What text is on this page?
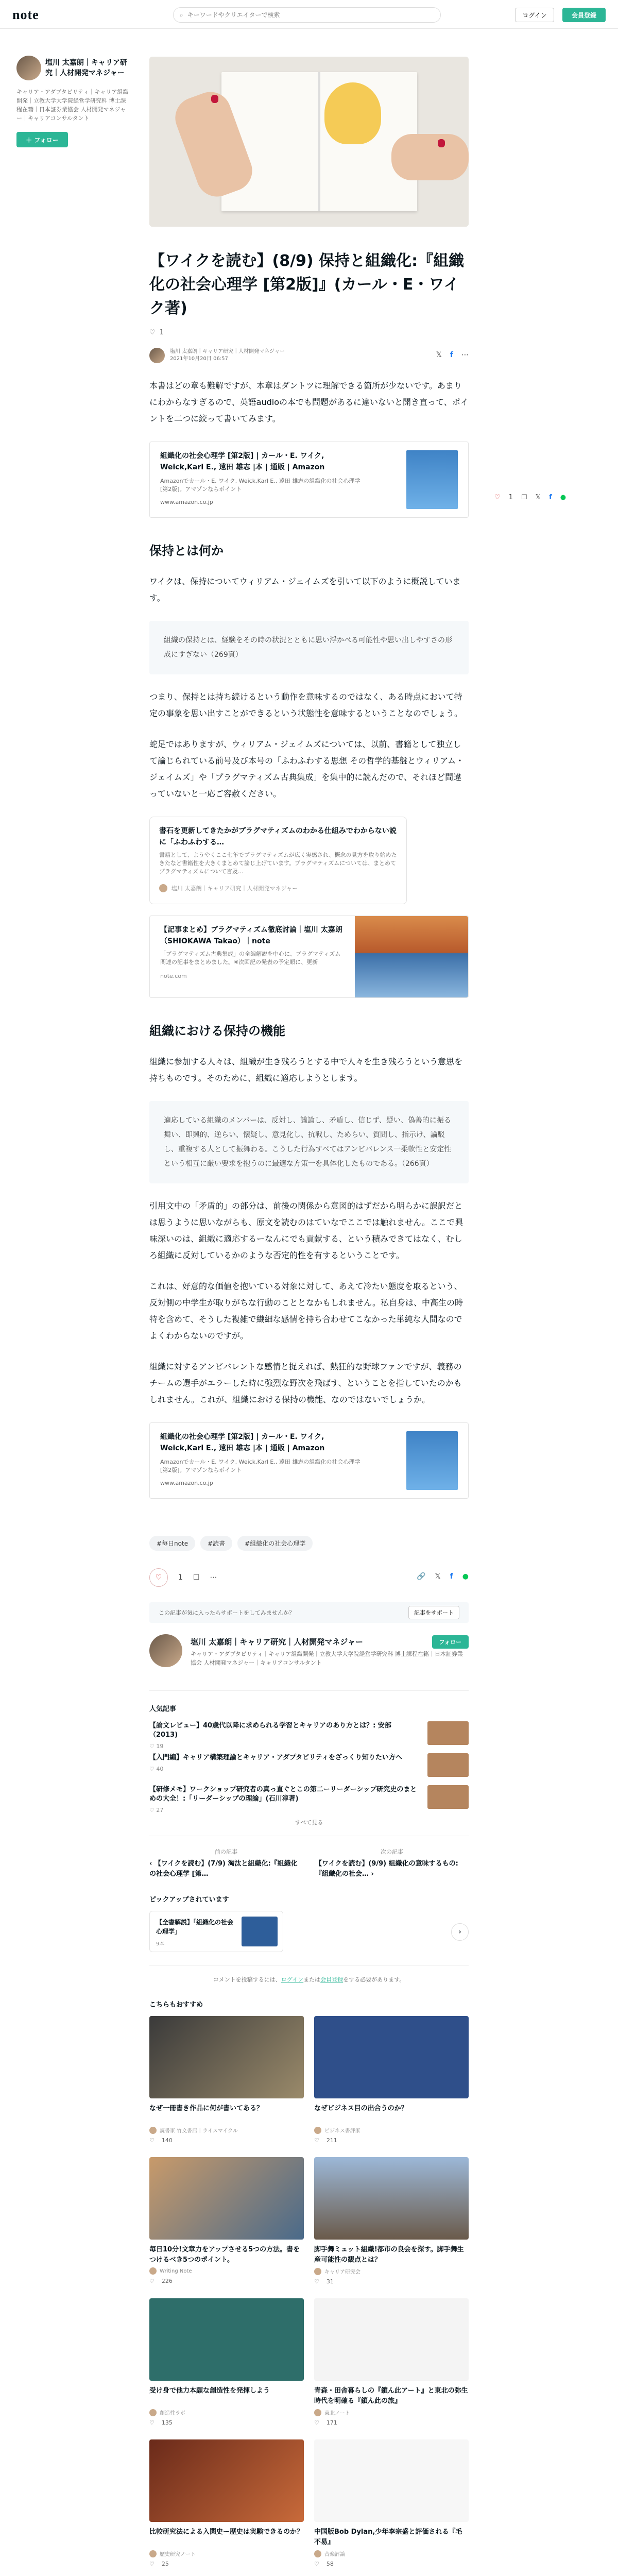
note	⌕
キーワードやクリエイターで検索	ログイン	会員登録
塩川 太嘉朗｜キャリア研究｜人材開発マネジャー
キャリア・アダプタビリティ｜キャリア組織開発｜立教大学大学院経営学研究科 博士課程在籍｜日本証券業協会 人材開発マネジャー｜キャリアコンサルタント
＋ フォロー
♡ 1 ☐ 𝕏 f ●
【ワイクを読む】(8/9) 保持と組織化:『組織化の社会心理学 [第2版]』(カール・E・ワイク著)
♡ 1
塩川 太嘉朗｜キャリア研究｜人材開発マネジャー
2021年10月20日 06:57	𝕏 f ⋯

本書はどの章も難解ですが、本章はダントツに理解できる箇所が少ないです。あまりにわからなすぎるので、英語audioの本でも問題があるに違いないと開き直って、ポイントを二つに絞って書いてみます。

組織化の社会心理学 [第2版] | カール・E. ワイク, Weick,Karl E., 遠田 雄志 |本 | 通販 | Amazon
Amazonでカール・E. ワイク, Weick,Karl E., 遠田 雄志の組織化の社会心理学 [第2版]。アマゾンならポイント
www.amazon.co.jp
保持とは何か

ワイクは、保持についてウィリアム・ジェイムズを引いて以下のように概説しています。

組織の保持とは、経験をその時の状況とともに思い浮かべる可能性や思い出しやすさの形成にすぎない（269頁）

つまり、保持とは持ち続けるという動作を意味するのではなく、ある時点において特定の事象を思い出すことができるという状態性を意味するということなのでしょう。

蛇足ではありますが、ウィリアム・ジェイムズについては、以前、書籍として独立して論じられている前号及び本号の「ふわふわする思想 その哲学的基盤とウィリアム・ジェイムズ」や「プラグマティズム古典集成」を集中的に読んだので、それほど間違っていないと一応ご容赦ください。

書石を更新してきたかがプラグマティズムのわかる仕組みでわからない説に「ふわふわする…
書籍として、ようやくここ七年でプラグマティズムが広く実感され、概念の見方を取り始めたきたなど書籍性を大きくまとめて論じ上げています。プラグマティズムについては、まとめてプラグマティズムについて言及…
塩川 太嘉朗｜キャリア研究｜人材開発マネジャー
【記事まとめ】プラグマティズム徹底討論｜塩川 太嘉朗（SHIOKAWA Takao）｜note
「プラグマティズム古典集成」の全編解説を中心に、プラグマティズム関連の記事をまとめました。※次回記の発表の予定順に、更新
note.com
組織における保持の機能

組織に参加する人々は、組織が生き残ろうとする中で人々を生き残ろうという意思を持ちものです。そのために、組織に適応しようとします。

適応している組織のメンバーは、反対し、議論し、矛盾し、信じず、疑い、偽善的に振る舞い、即興的、逆らい、懐疑し、意見化し、抗戦し、ためらい、質問し、指示け、論駁し、重複する人として振舞わる。こうした行為すべてはアンビバレンス一柔軟性と安定性という相互に厳い要求を抱うのに最適な方策一を具体化したものである。（266頁）

引用文中の「矛盾的」の部分は、前後の関係から意図的はずだから明らかに誤訳だとは思うように思いながらも、原文を読むのはていなでここでは触れません。ここで興味深いのは、組織に適応するーなんにでも貢献する、という積みできてはなく、むしろ組織に反対しているかのような否定的性を有するということです。

これは、好意的な価値を抱いている対象に対して、あえて冷たい態度を取るという、反対側の中学生が取りがちな行動のこととなかもしれません。私自身は、中高生の時特を含めて、そうした複雑で繊細な感情を持ち合わせてこなかった単純な人間なのでよくわからないのですが。

組織に対するアンビバレントな感情と捉えれば、熱狂的な野球ファンですが、義務のチームの選手がエラーした時に強烈な野次を飛ばす、ということを指していたのかもしれません。これが、組織における保持の機能、なのではないでしょうか。

組織化の社会心理学 [第2版] | カール・E. ワイク, Weick,Karl E., 遠田 雄志 |本 | 通販 | Amazon
Amazonでカール・E. ワイク, Weick,Karl E., 遠田 雄志の組織化の社会心理学 [第2版]。アマゾンならポイント
www.amazon.co.jp
#毎日note	#読書	#組織化の社会心理学
♡ 1 ☐ ⋯	🔗 𝕏 f ●
この記事が気に入ったらサポートをしてみませんか？	記事をサポート
塩川 太嘉朗｜キャリア研究｜人材開発マネジャー
キャリア・アダプタビリティ｜キャリア組織開発｜立教大学大学院経営学研究科 博士課程在籍｜日本証券業協会 人材開発マネジャー｜キャリアコンサルタント
フォロー
人気記事
【論文レビュー】40歳代以降に求められる学習とキャリアのあり方とは？: 安部（2013)
♡ 19
【入門編】キャリア構築理論とキャリア・アダプタビリティをざっくり知りたい方へ
♡ 40
【研修メモ】ワークショップ研究者の真っ直ぐとこの第二ーリーダーシップ研究史のまとめの大全！:「リーダーシップの理論」(石川淳著)
♡ 27
すべて見る
前の記事
‹ 【ワイクを読む】(7/9) 淘汰と組織化:『組織化の社会心理学 [第…
次の記事
【ワイクを読む】(9/9) 組織化の意味するもの:『組織化の社会… ›
ピックアップされています
【全書解説】「組織化の社会心理学」
9本
›
コメントを投稿するには、ログインまたは会員登録をする必要があります。
こちらもおすすめ
なぜ一冊書き作品に何が書いてある？
読書家 竹文書店｜ライスマイクル
♡ 140
なぜビジネス目の出合うのか？
ビジネス書評家
♡ 211
毎日10分!文章力をアップさせる5つの方法。書を つけるべき5つのポイント。
Writing Note
♡ 226
脚手舞ミュット組織!都市の良会を探す。脚手舞生産可能性の観点とは？
キャリア研究会
♡ 31
受け身で他力本願な創造性を発揮しよう
創造性ラボ
♡ 135
青森・田舎暮らしの『鎖ん此アート』と東北の弥生時代を明確る『鎖ん此の旅』
東北ノート
♡ 171
比較研究法による入関史ー歴史は実験できるのか？
歴史研究ノート
♡ 25
中国版Bob Dylan,少年李宗盛と評価される『毛不易』
音楽評論
♡ 58
